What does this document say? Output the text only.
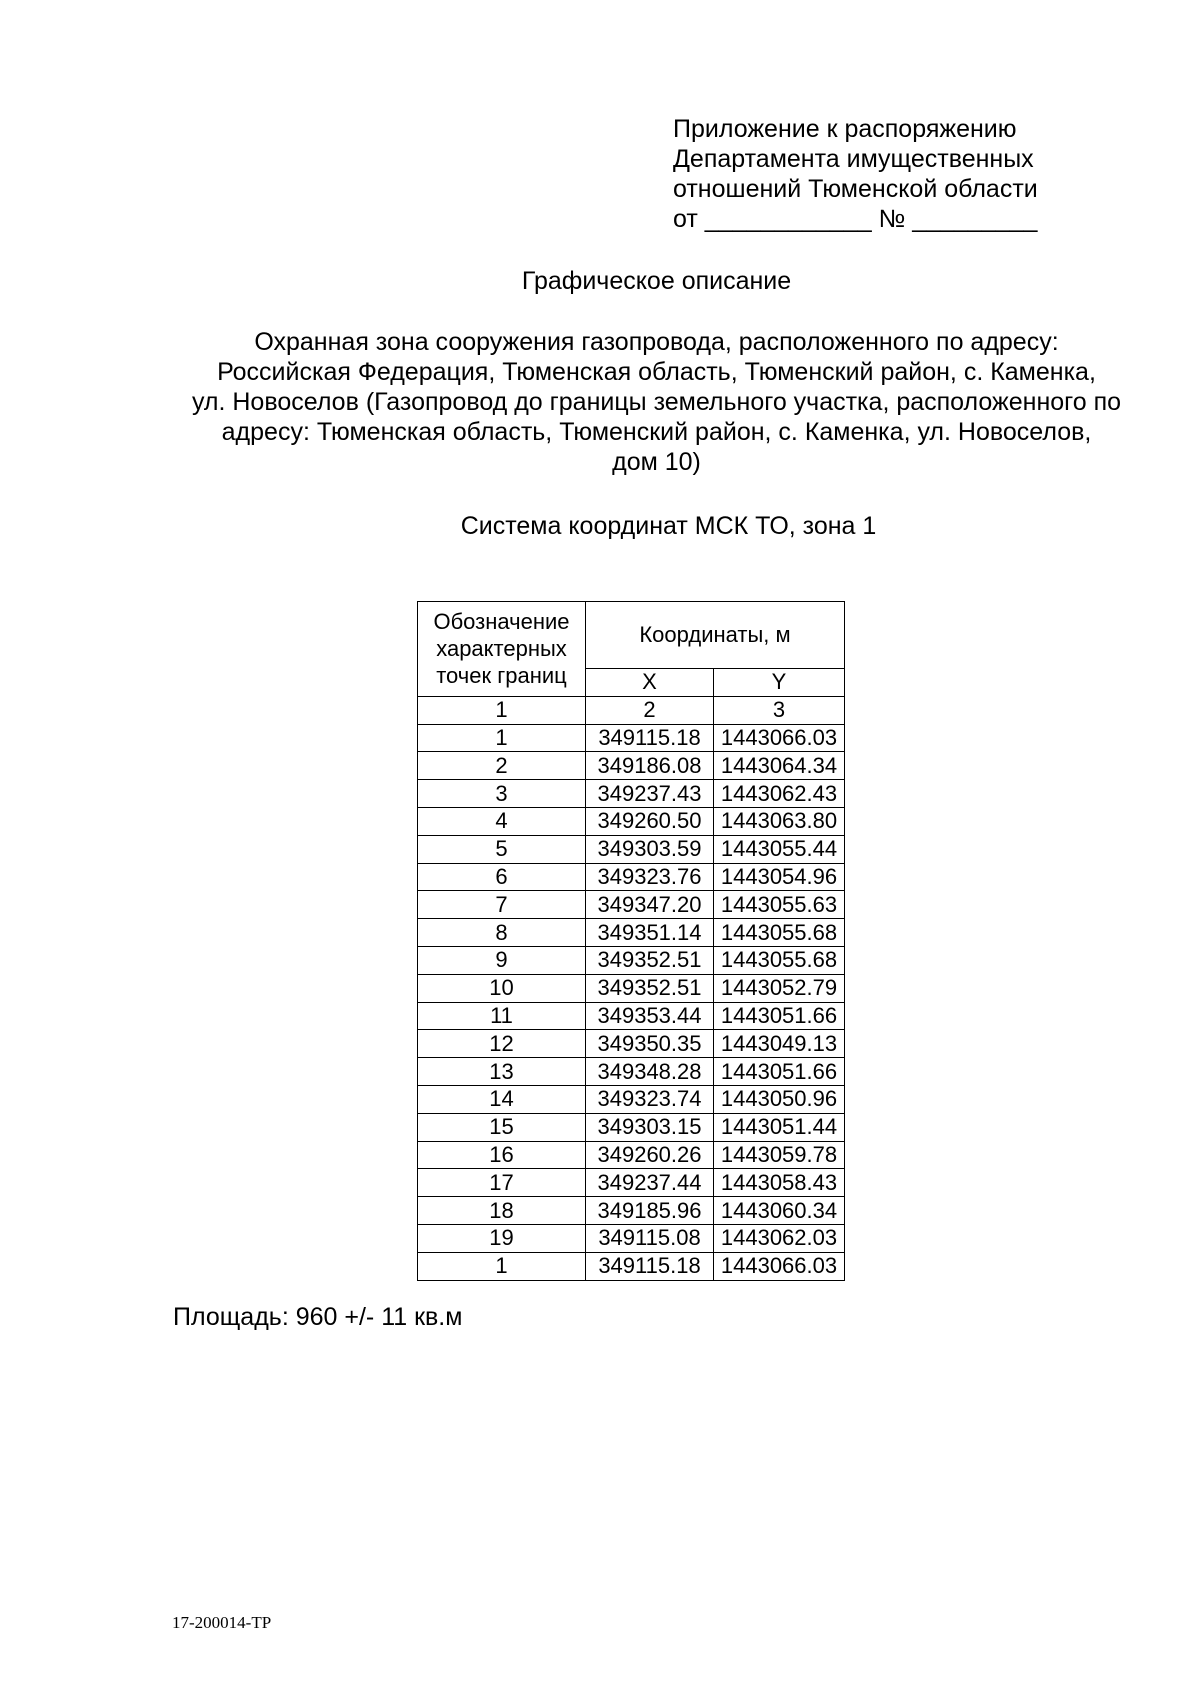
Приложение к распоряжению
Департамента имущественных
отношений Тюменской области
от ____________ № _________
Графическое описание
Охранная зона сооружения газопровода, расположенного по адресу:
Российская Федерация, Тюменская область, Тюменский район, с. Каменка,
ул. Новоселов (Газопровод до границы земельного участка, расположенного по
адресу: Тюменская область, Тюменский район, с. Каменка, ул. Новоселов,
дом 10)
Система координат МСК ТО, зона 1
Обозначение
характерных
точек границ	Координаты, м	
	X	Y
1	2	3
1	349115.18	1443066.03
2	349186.08	1443064.34
3	349237.43	1443062.43
4	349260.50	1443063.80
5	349303.59	1443055.44
6	349323.76	1443054.96
7	349347.20	1443055.63
8	349351.14	1443055.68
9	349352.51	1443055.68
10	349352.51	1443052.79
11	349353.44	1443051.66
12	349350.35	1443049.13
13	349348.28	1443051.66
14	349323.74	1443050.96
15	349303.15	1443051.44
16	349260.26	1443059.78
17	349237.44	1443058.43
18	349185.96	1443060.34
19	349115.08	1443062.03
1	349115.18	1443066.03
Площадь: 960 +/- 11 кв.м
17-200014-ТР
